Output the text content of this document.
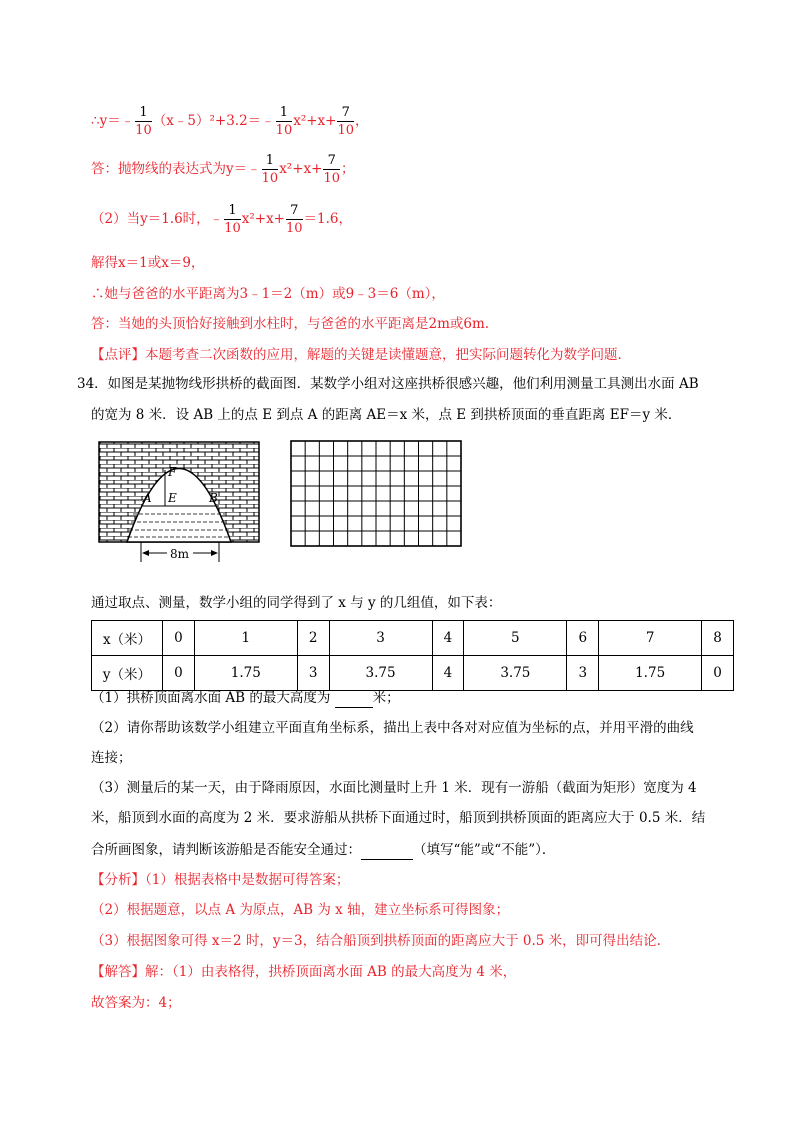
∴y＝﹣ $\frac{1}{10}$ （x﹣5）²+3.2＝﹣ $\frac{1}{10} x^2+x+ \frac{7}{10}$ ，
答：抛物线的表达式为y＝﹣ $\frac{1}{10} x^2+x+ \frac{7}{10}$ ；
（2）当y＝1.6时，﹣ $\frac{1}{10} x^2+x+ \frac{7}{10} =1.6$，
解得x＝1或x＝9，
∴她与爸爸的水平距离为3﹣1＝2（m）或9﹣3＝6（m），
答：当她的头顶恰好接触到水柱时，与爸爸的水平距离是2m或6m.
【点评】本题考查二次函数的应用，解题的关键是读懂题意，把实际问题转化为数学问题.
34．如图是某抛物线形拱桥的截面图．某数学小组对这座拱桥很感兴趣，他们利用测量工具测出水面 AB
的宽为 8 米．设 AB 上的点 E 到点 A 的距离 AE＝x 米，点 E 到拱桥顶面的垂直距离 EF＝y 米．
F
A E	B
8m
通过取点、测量，数学小组的同学得到了 x 与 y 的几组值，如下表：
x（米）	0	1	2	3	4	5	6	7	8
y（米）	0	1.75	3	3.75	4	3.75	3	1.75	0
（1）拱桥顶面离水面 AB 的最大高度为	米；
（2）请你帮助该数学小组建立平面直角坐标系，描出上表中各对对应值为坐标的点，并用平滑的曲线
连接；
（3）测量后的某一天，由于降雨原因，水面比测量时上升 1 米．现有一游船（截面为矩形）宽度为 4
米，船顶到水面的高度为 2 米．要求游船从拱桥下面通过时，船顶到拱桥顶面的距离应大于 0.5 米．结
合所画图象，请判断该游船是否能安全通过：	（填写“能”或“不能”）．
【分析】（1）根据表格中是数据可得答案；
（2）根据题意，以点 A 为原点，AB 为 x 轴，建立坐标系可得图象；
（3）根据图象可得 x＝2 时，y＝3，结合船顶到拱桥顶面的距离应大于 0.5 米，即可得出结论.
【解答】解：（1）由表格得，拱桥顶面离水面 AB 的最大高度为 4 米，
故答案为：4；
